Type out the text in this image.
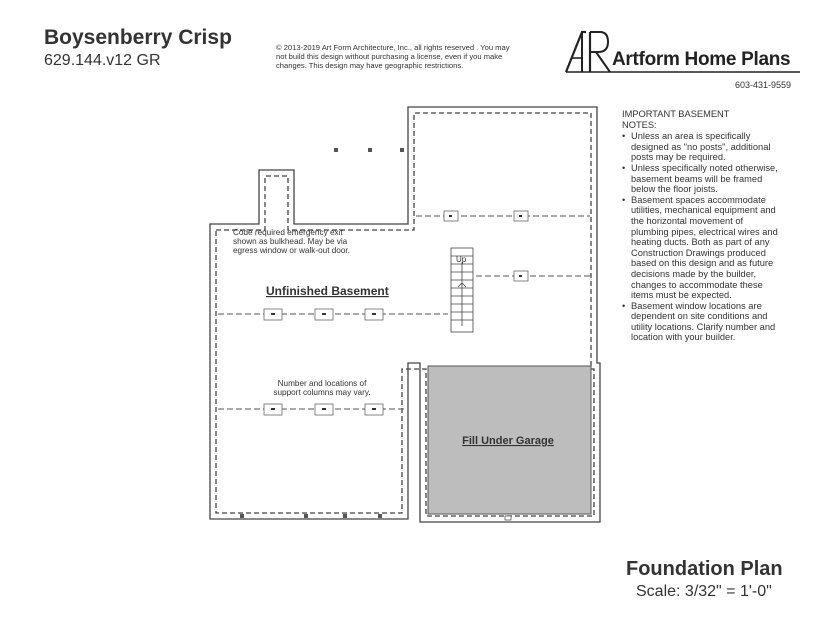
Boysenberry Crisp
629.144.v12 GR
© 2013-2019 Art Form Architecture, Inc., all rights reserved . You may not build this design without purchasing a license, even if you make changes. This design may have geographic restrictions.	Artform Home Plans
603-431-9559
IMPORTANT BASEMENT
NOTES:
• Unless an area is specifically designed as "no posts", additional posts may be required.
• Unless specifically noted otherwise, basement beams will be framed below the floor joists.
• Basement spaces accommodate utilities, mechanical equipment and the horizontal movement of plumbing pipes, electrical wires and heating ducts. Both as part of any Construction Drawings produced based on this design and as future decisions made by the builder, changes to accommodate these items must be expected.
• Basement window locations are dependent on site conditions and utility locations. Clarify number and location with your builder.
Up
Code required emergency exit
shown as bulkhead. May be via
egress window or walk-out door.
Unfinished Basement
Number and locations of
support columns may vary.
Fill Under Garage
Foundation Plan
Scale: 3/32" = 1'-0"
